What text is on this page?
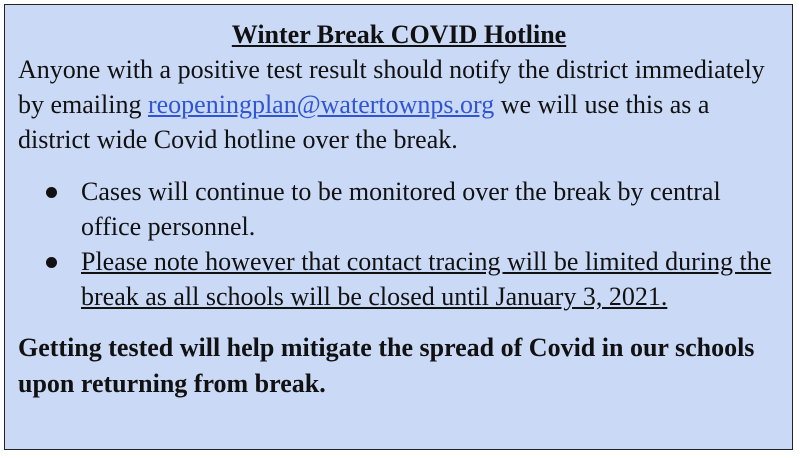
Winter Break COVID Hotline
Anyone with a positive test result should notify the district immediately by emailing reopeningplan@watertownps.org we will use this as a district wide Covid hotline over the break.
Cases will continue to be monitored over the break by central office personnel.
Please note however that contact tracing will be limited during the break as all schools will be closed until January 3, 2021.
Getting tested will help mitigate the spread of Covid in our schools upon returning from break.
